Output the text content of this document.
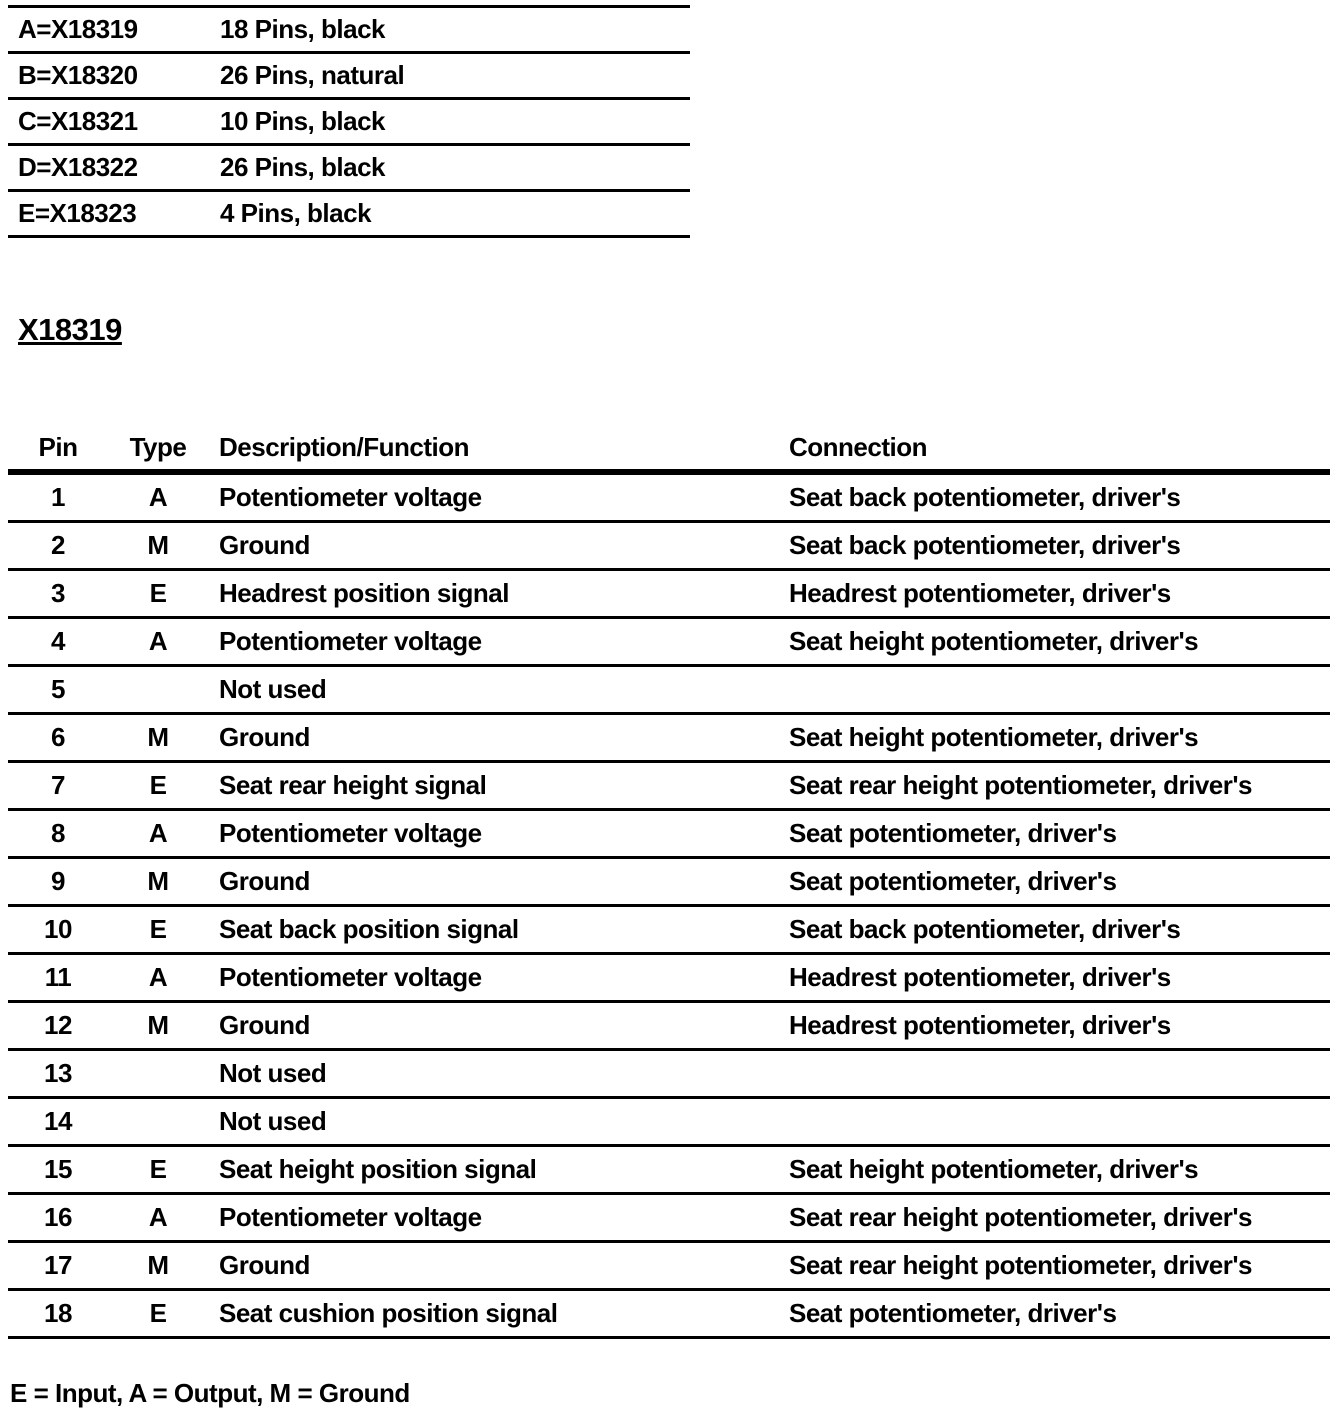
A=X18319	18 Pins, black
B=X18320	26 Pins, natural
C=X18321	10 Pins, black
D=X18322	26 Pins, black
E=X18323	4 Pins, black
X18319
Pin	Type	Description/Function	Connection
1	A	Potentiometer voltage	Seat back potentiometer, driver's
2	M	Ground	Seat back potentiometer, driver's
3	E	Headrest position signal	Headrest potentiometer, driver's
4	A	Potentiometer voltage	Seat height potentiometer, driver's
5		Not used	
6	M	Ground	Seat height potentiometer, driver's
7	E	Seat rear height signal	Seat rear height potentiometer, driver's
8	A	Potentiometer voltage	Seat potentiometer, driver's
9	M	Ground	Seat potentiometer, driver's
10	E	Seat back position signal	Seat back potentiometer, driver's
11	A	Potentiometer voltage	Headrest potentiometer, driver's
12	M	Ground	Headrest potentiometer, driver's
13		Not used	
14		Not used	
15	E	Seat height position signal	Seat height potentiometer, driver's
16	A	Potentiometer voltage	Seat rear height potentiometer, driver's
17	M	Ground	Seat rear height potentiometer, driver's
18	E	Seat cushion position signal	Seat potentiometer, driver's

E = Input, A = Output, M = Ground
